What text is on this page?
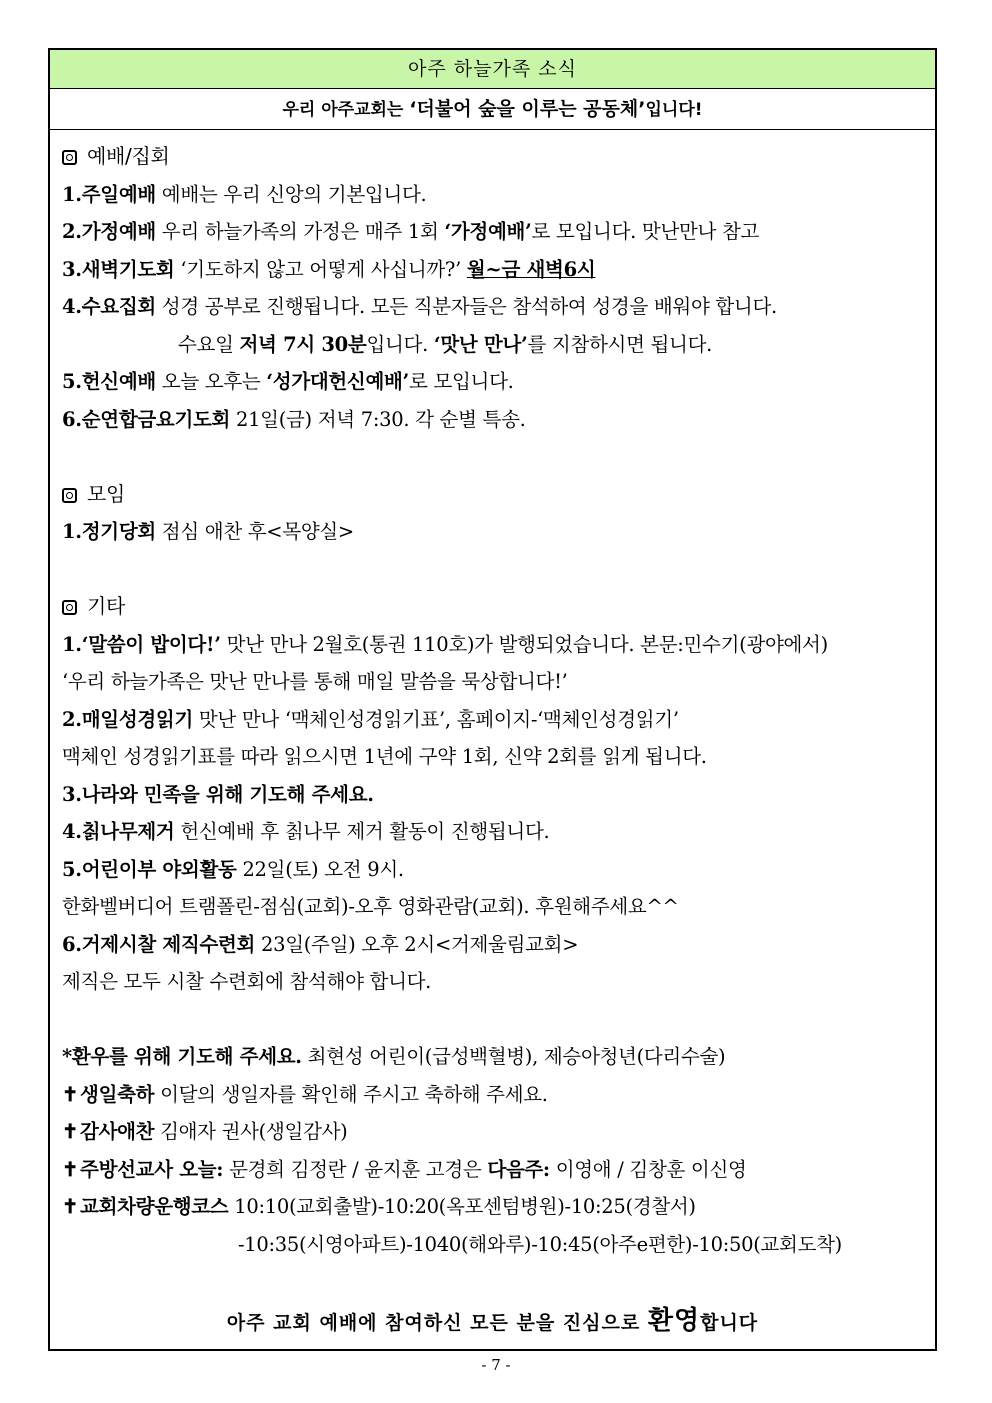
아주 하늘가족 소식
우리 아주교회는 ‘더불어 숲을 이루는 공동체’입니다!
예배/집회
1.주일예배 예배는 우리 신앙의 기본입니다.
2.가정예배 우리 하늘가족의 가정은 매주 1회 ‘가정예배’로 모입니다. 맛난만나 참고
3.새벽기도회 ‘기도하지 않고 어떻게 사십니까?’ 월~금 새벽6시
4.수요집회 성경 공부로 진행됩니다. 모든 직분자들은 참석하여 성경을 배워야 합니다.
수요일 저녁 7시 30분입니다. ‘맛난 만나’를 지참하시면 됩니다.
5.헌신예배 오늘 오후는 ‘성가대헌신예배’로 모입니다.
6.순연합금요기도회 21일(금) 저녁 7:30. 각 순별 특송.
모임
1.정기당회 점심 애찬 후<목양실>
기타
1.‘말씀이 밥이다!’ 맛난 만나 2월호(통권 110호)가 발행되었습니다. 본문:민수기(광야에서)
‘우리 하늘가족은 맛난 만나를 통해 매일 말씀을 묵상합니다!’
2.매일성경읽기 맛난 만나 ‘맥체인성경읽기표’, 홈페이지-‘맥체인성경읽기’
맥체인 성경읽기표를 따라 읽으시면 1년에 구약 1회, 신약 2회를 읽게 됩니다.
3.나라와 민족을 위해 기도해 주세요.
4.칡나무제거 헌신예배 후 칡나무 제거 활동이 진행됩니다.
5.어린이부 야외활동 22일(토) 오전 9시.
한화벨버디어 트램폴린-점심(교회)-오후 영화관람(교회). 후원해주세요^^
6.거제시찰 제직수련회 23일(주일) 오후 2시<거제울림교회>
제직은 모두 시찰 수련회에 참석해야 합니다.
*환우를 위해 기도해 주세요. 최현성 어린이(급성백혈병), 제승아청년(다리수술)
✝ 생일축하 이달의 생일자를 확인해 주시고 축하해 주세요.
✝ 감사애찬 김애자 권사(생일감사)
✝ 주방선교사 오늘: 문경희 김정란 / 윤지훈 고경은 다음주: 이영애 / 김창훈 이신영
✝ 교회차량운행코스 10:10(교회출발)-10:20(옥포센텀병원)-10:25(경찰서)
-10:35(시영아파트)-1040(해와루)-10:45(아주e편한)-10:50(교회도착)
아주 교회 예배에 참여하신 모든 분을 진심으로 환영합니다
- 7 -
